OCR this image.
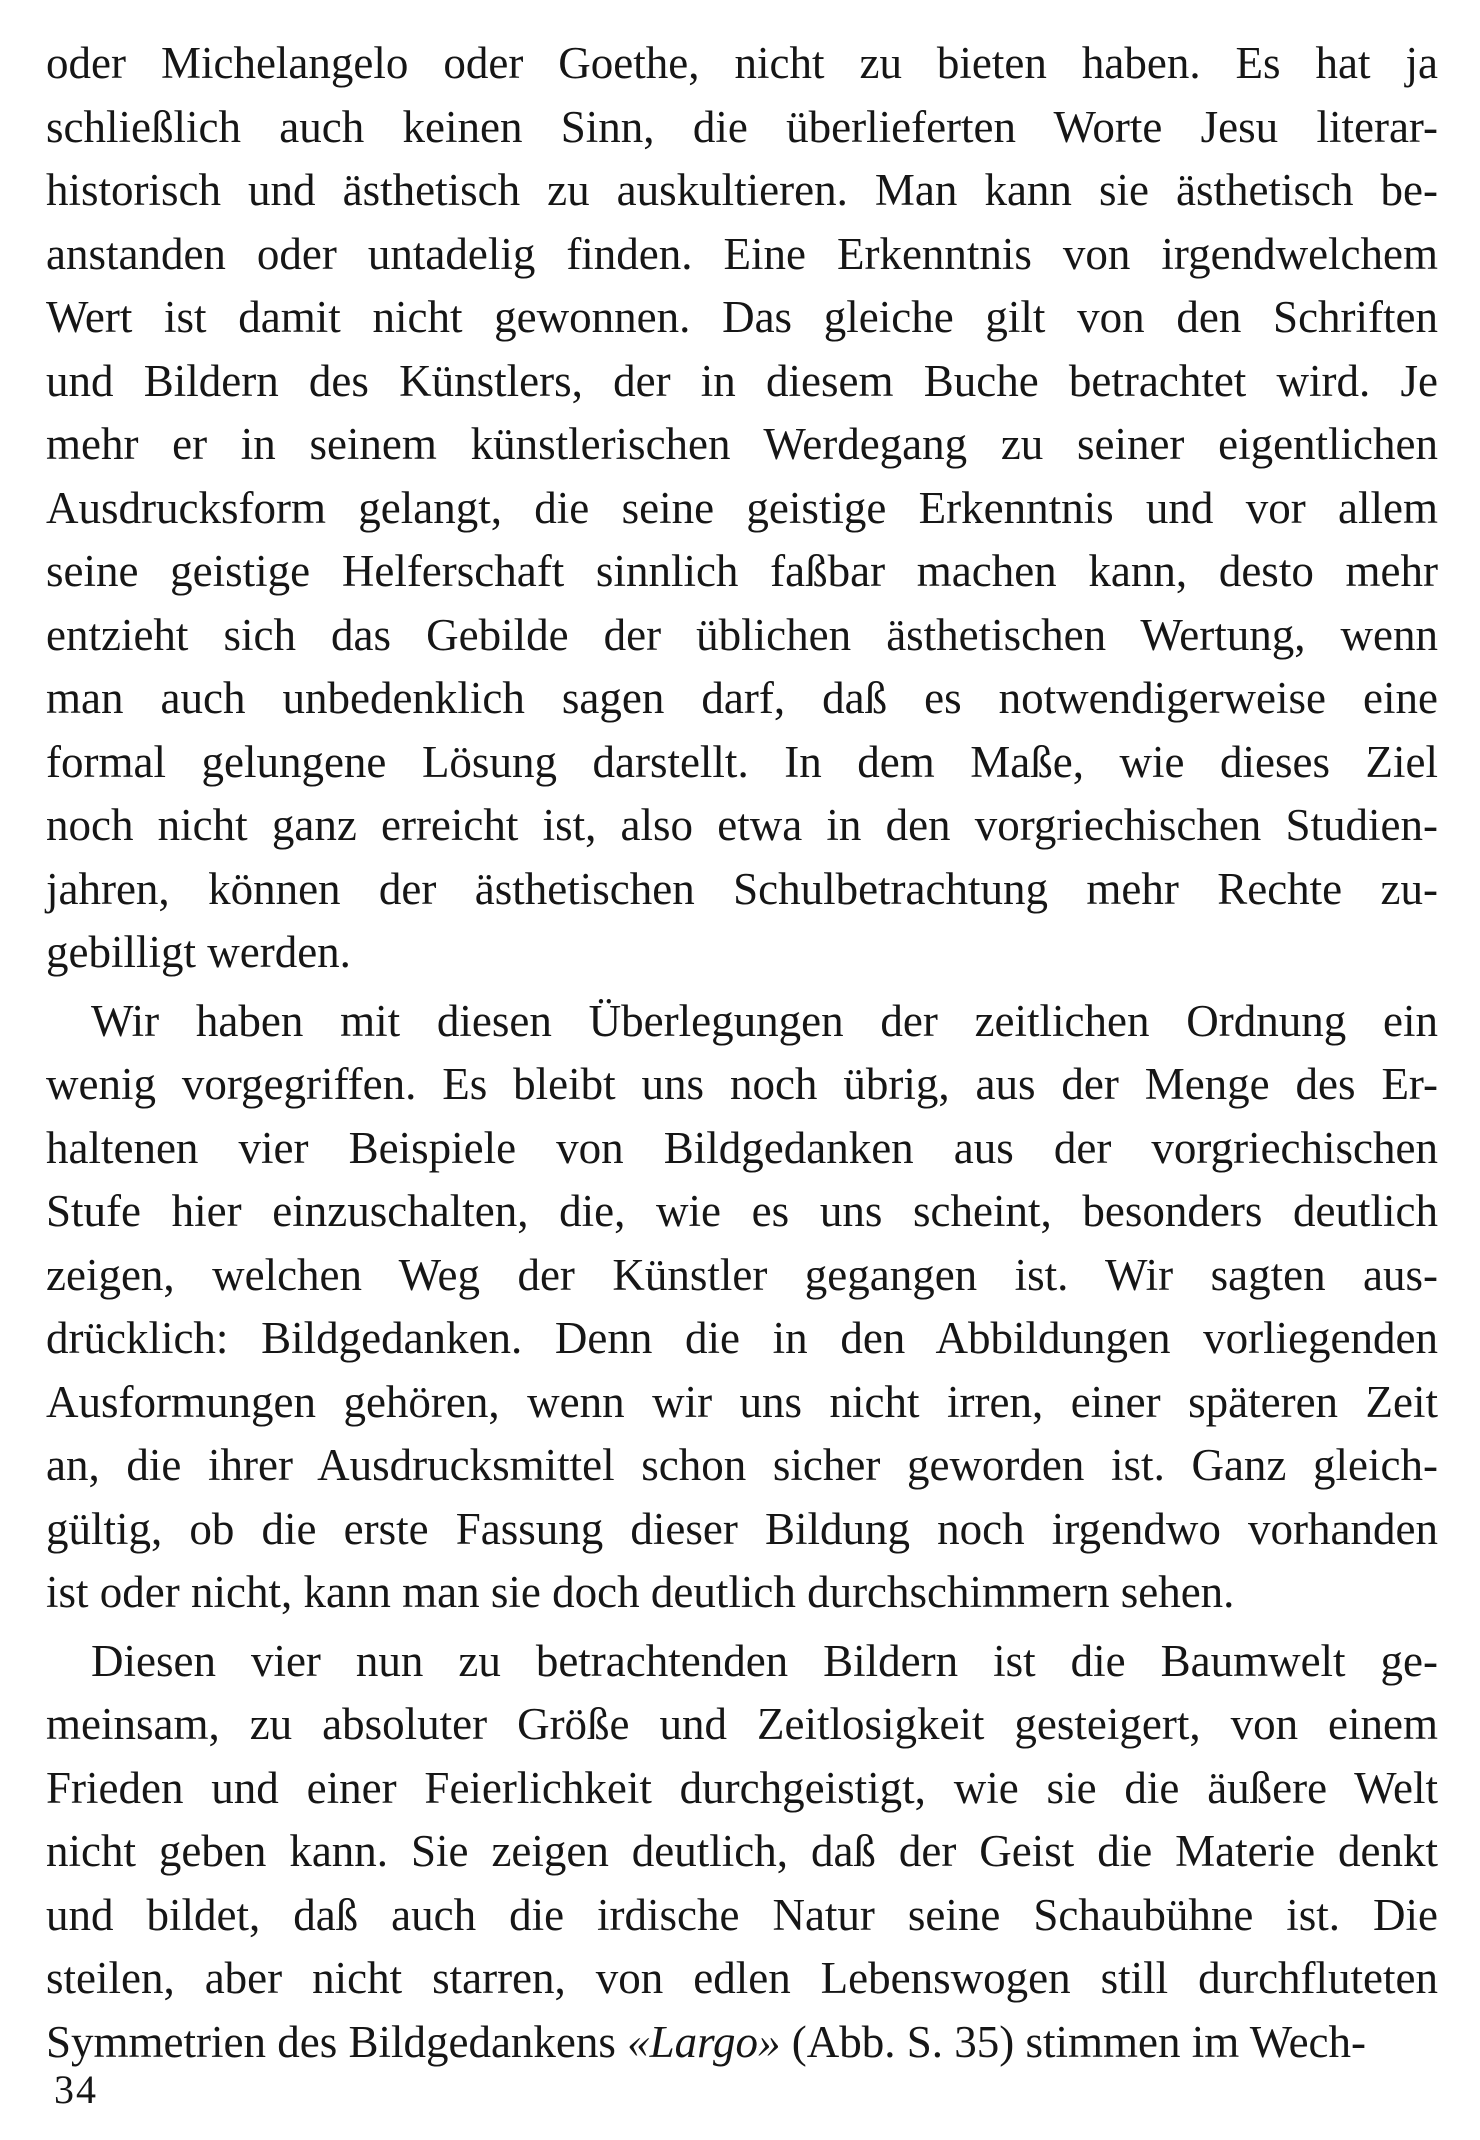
oder Michelangelo oder Goethe, nicht zu bieten haben. Es hat ja
schließlich auch keinen Sinn, die überlieferten Worte Jesu literar-
historisch und ästhetisch zu auskultieren. Man kann sie ästhetisch be-
anstanden oder untadelig finden. Eine Erkenntnis von irgendwelchem
Wert ist damit nicht gewonnen. Das gleiche gilt von den Schriften
und Bildern des Künstlers, der in diesem Buche betrachtet wird. Je
mehr er in seinem künstlerischen Werdegang zu seiner eigentlichen
Ausdrucksform gelangt, die seine geistige Erkenntnis und vor allem
seine geistige Helferschaft sinnlich faßbar machen kann, desto mehr
entzieht sich das Gebilde der üblichen ästhetischen Wertung, wenn
man auch unbedenklich sagen darf, daß es notwendigerweise eine
formal gelungene Lösung darstellt. In dem Maße, wie dieses Ziel
noch nicht ganz erreicht ist, also etwa in den vorgriechischen Studien-
jahren, können der ästhetischen Schulbetrachtung mehr Rechte zu-
gebilligt werden.
Wir haben mit diesen Überlegungen der zeitlichen Ordnung ein
wenig vorgegriffen. Es bleibt uns noch übrig, aus der Menge des Er-
haltenen vier Beispiele von Bildgedanken aus der vorgriechischen
Stufe hier einzuschalten, die, wie es uns scheint, besonders deutlich
zeigen, welchen Weg der Künstler gegangen ist. Wir sagten aus-
drücklich: Bildgedanken. Denn die in den Abbildungen vorliegenden
Ausformungen gehören, wenn wir uns nicht irren, einer späteren Zeit
an, die ihrer Ausdrucksmittel schon sicher geworden ist. Ganz gleich-
gültig, ob die erste Fassung dieser Bildung noch irgendwo vorhanden
ist oder nicht, kann man sie doch deutlich durchschimmern sehen.
Diesen vier nun zu betrachtenden Bildern ist die Baumwelt ge-
meinsam, zu absoluter Größe und Zeitlosigkeit gesteigert, von einem
Frieden und einer Feierlichkeit durchgeistigt, wie sie die äußere Welt
nicht geben kann. Sie zeigen deutlich, daß der Geist die Materie denkt
und bildet, daß auch die irdische Natur seine Schaubühne ist. Die
steilen, aber nicht starren, von edlen Lebenswogen still durchfluteten
Symmetrien des Bildgedankens «Largo» (Abb. S. 35) stimmen im Wech-
34
